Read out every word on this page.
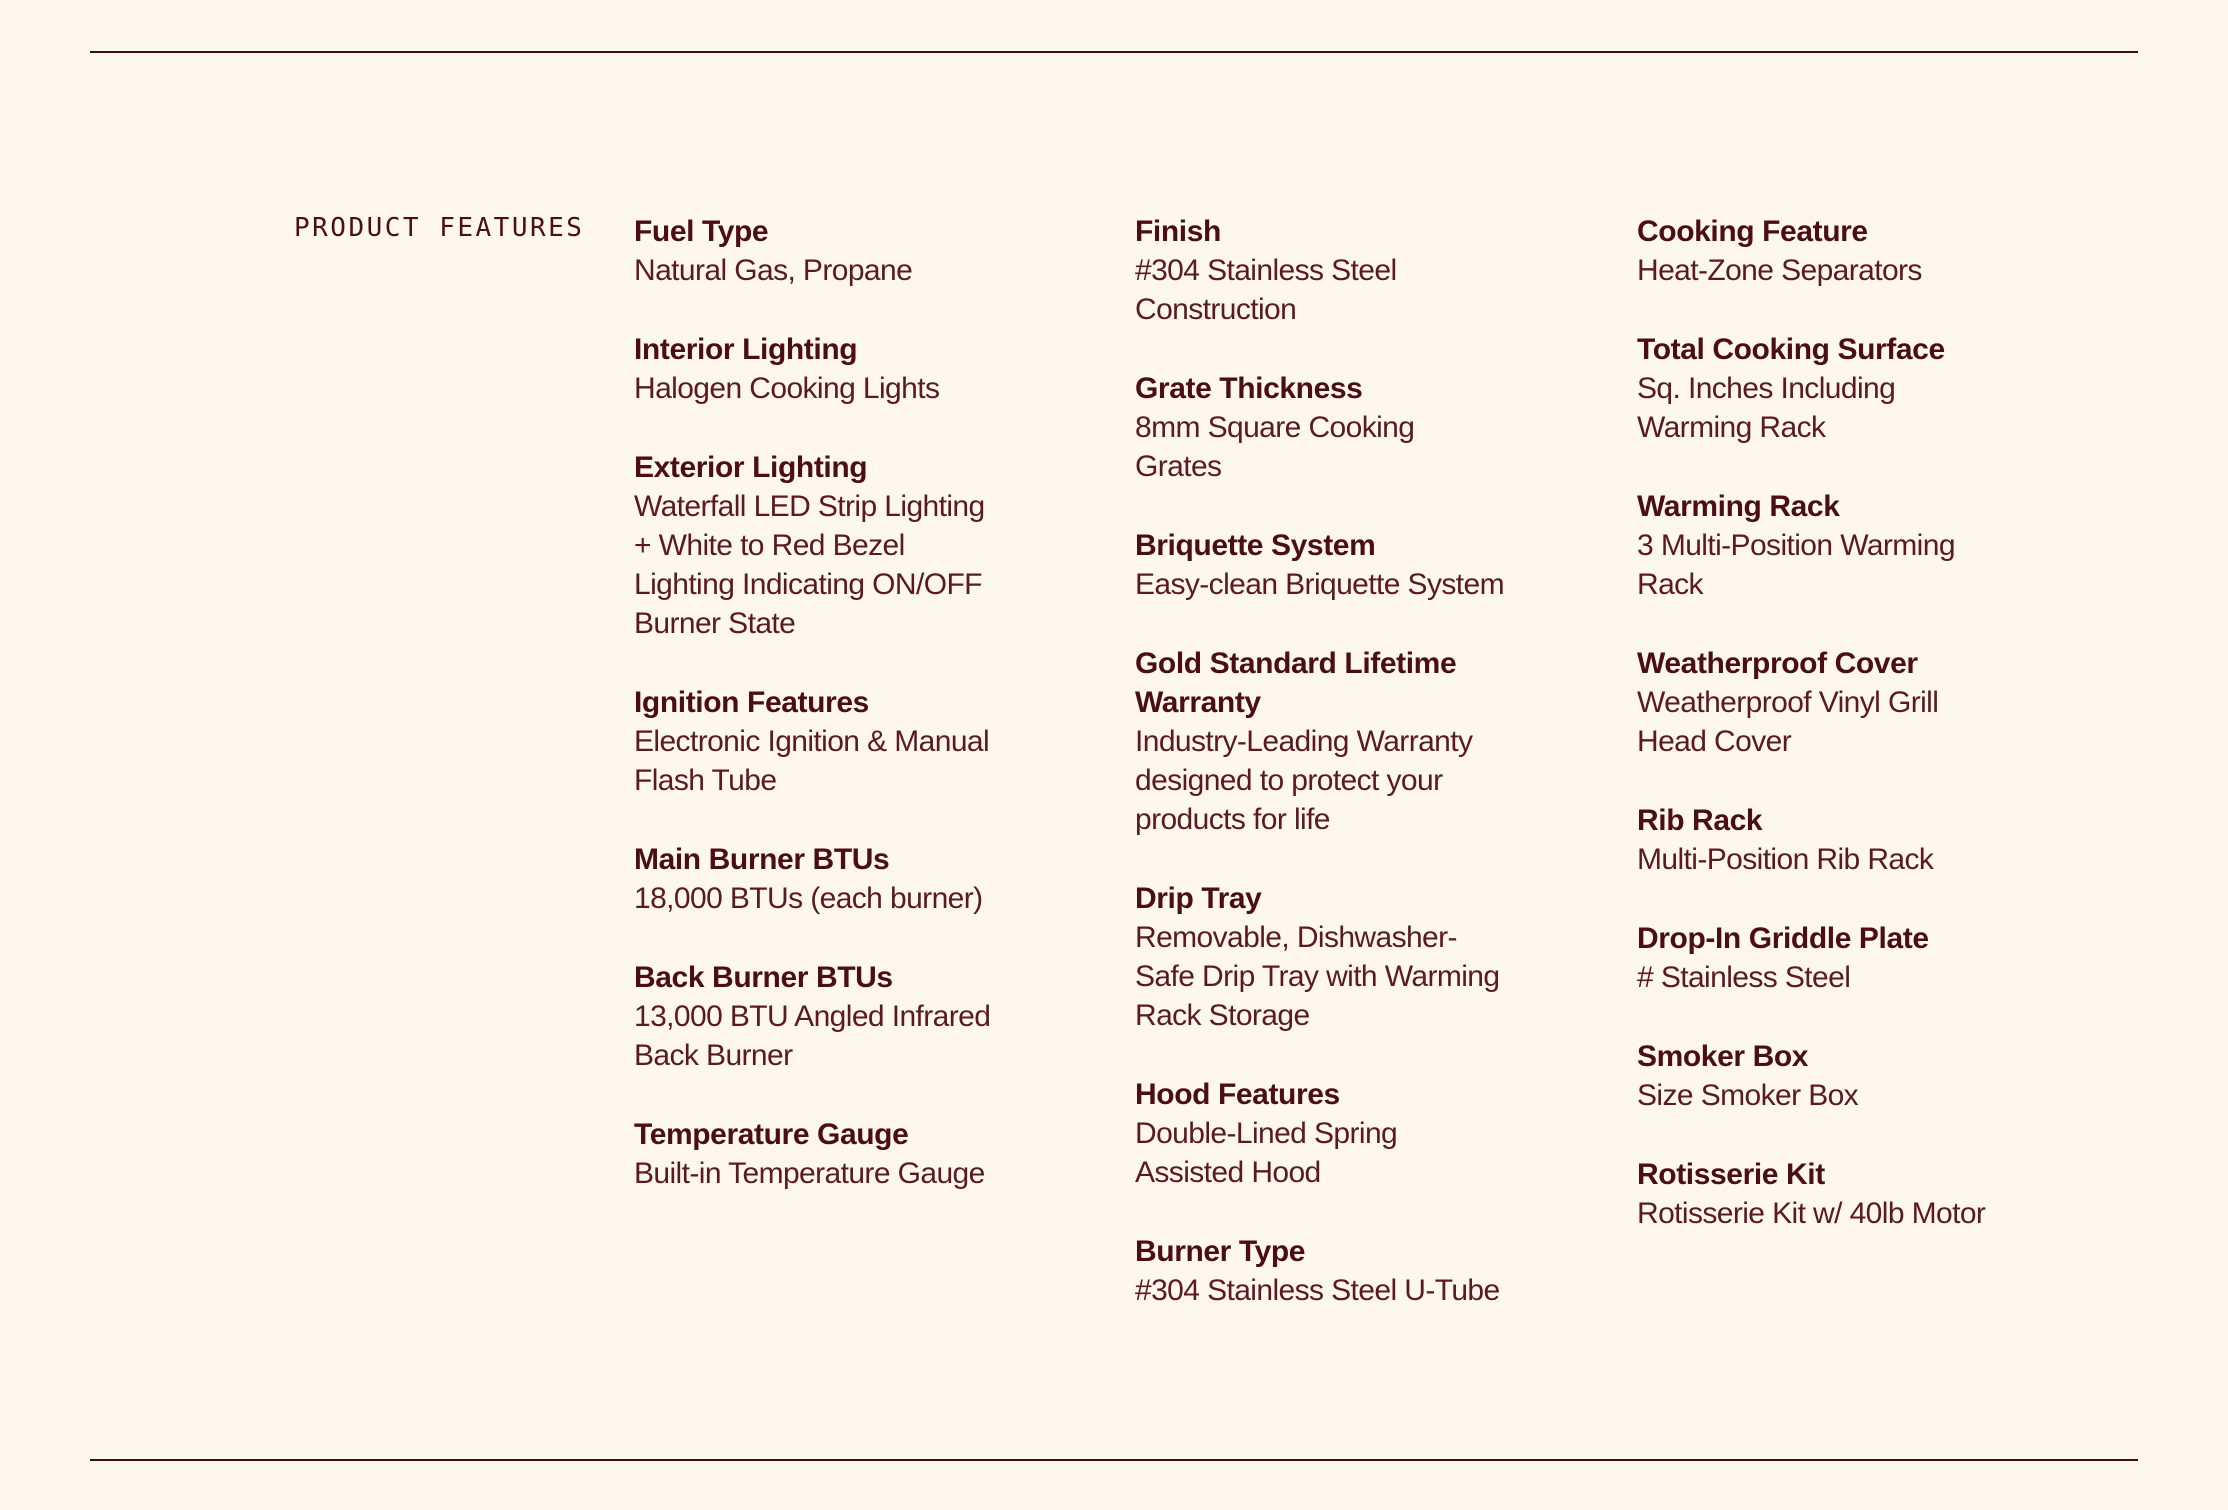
PRODUCT FEATURES Fuel Type
Natural Gas, Propane
Interior Lighting
Halogen Cooking Lights
Exterior Lighting
Waterfall LED Strip Lighting + White to Red Bezel Lighting Indicating ON/OFF Burner State
Ignition Features
Electronic Ignition & Manual Flash Tube
Main Burner BTUs
18,000 BTUs (each burner)
Back Burner BTUs
13,000 BTU Angled Infrared Back Burner
Temperature Gauge
Built-in Temperature Gauge
Finish
#304 Stainless Steel Construction
Grate Thickness
8mm Square Cooking Grates
Briquette System
Easy-clean Briquette System
Gold Standard Lifetime Warranty
Industry-Leading Warranty designed to protect your products for life
Drip Tray
Removable, Dishwasher-Safe Drip Tray with Warming Rack Storage
Hood Features
Double-Lined Spring Assisted Hood
Burner Type
#304 Stainless Steel U-Tube
Cooking Feature
Heat-Zone Separators
Total Cooking Surface
Sq. Inches Including Warming Rack
Warming Rack
3 Multi-Position Warming Rack
Weatherproof Cover
Weatherproof Vinyl Grill Head Cover
Rib Rack
Multi-Position Rib Rack
Drop-In Griddle Plate
# Stainless Steel
Smoker Box
Size Smoker Box
Rotisserie Kit
Rotisserie Kit w/ 40lb Motor
